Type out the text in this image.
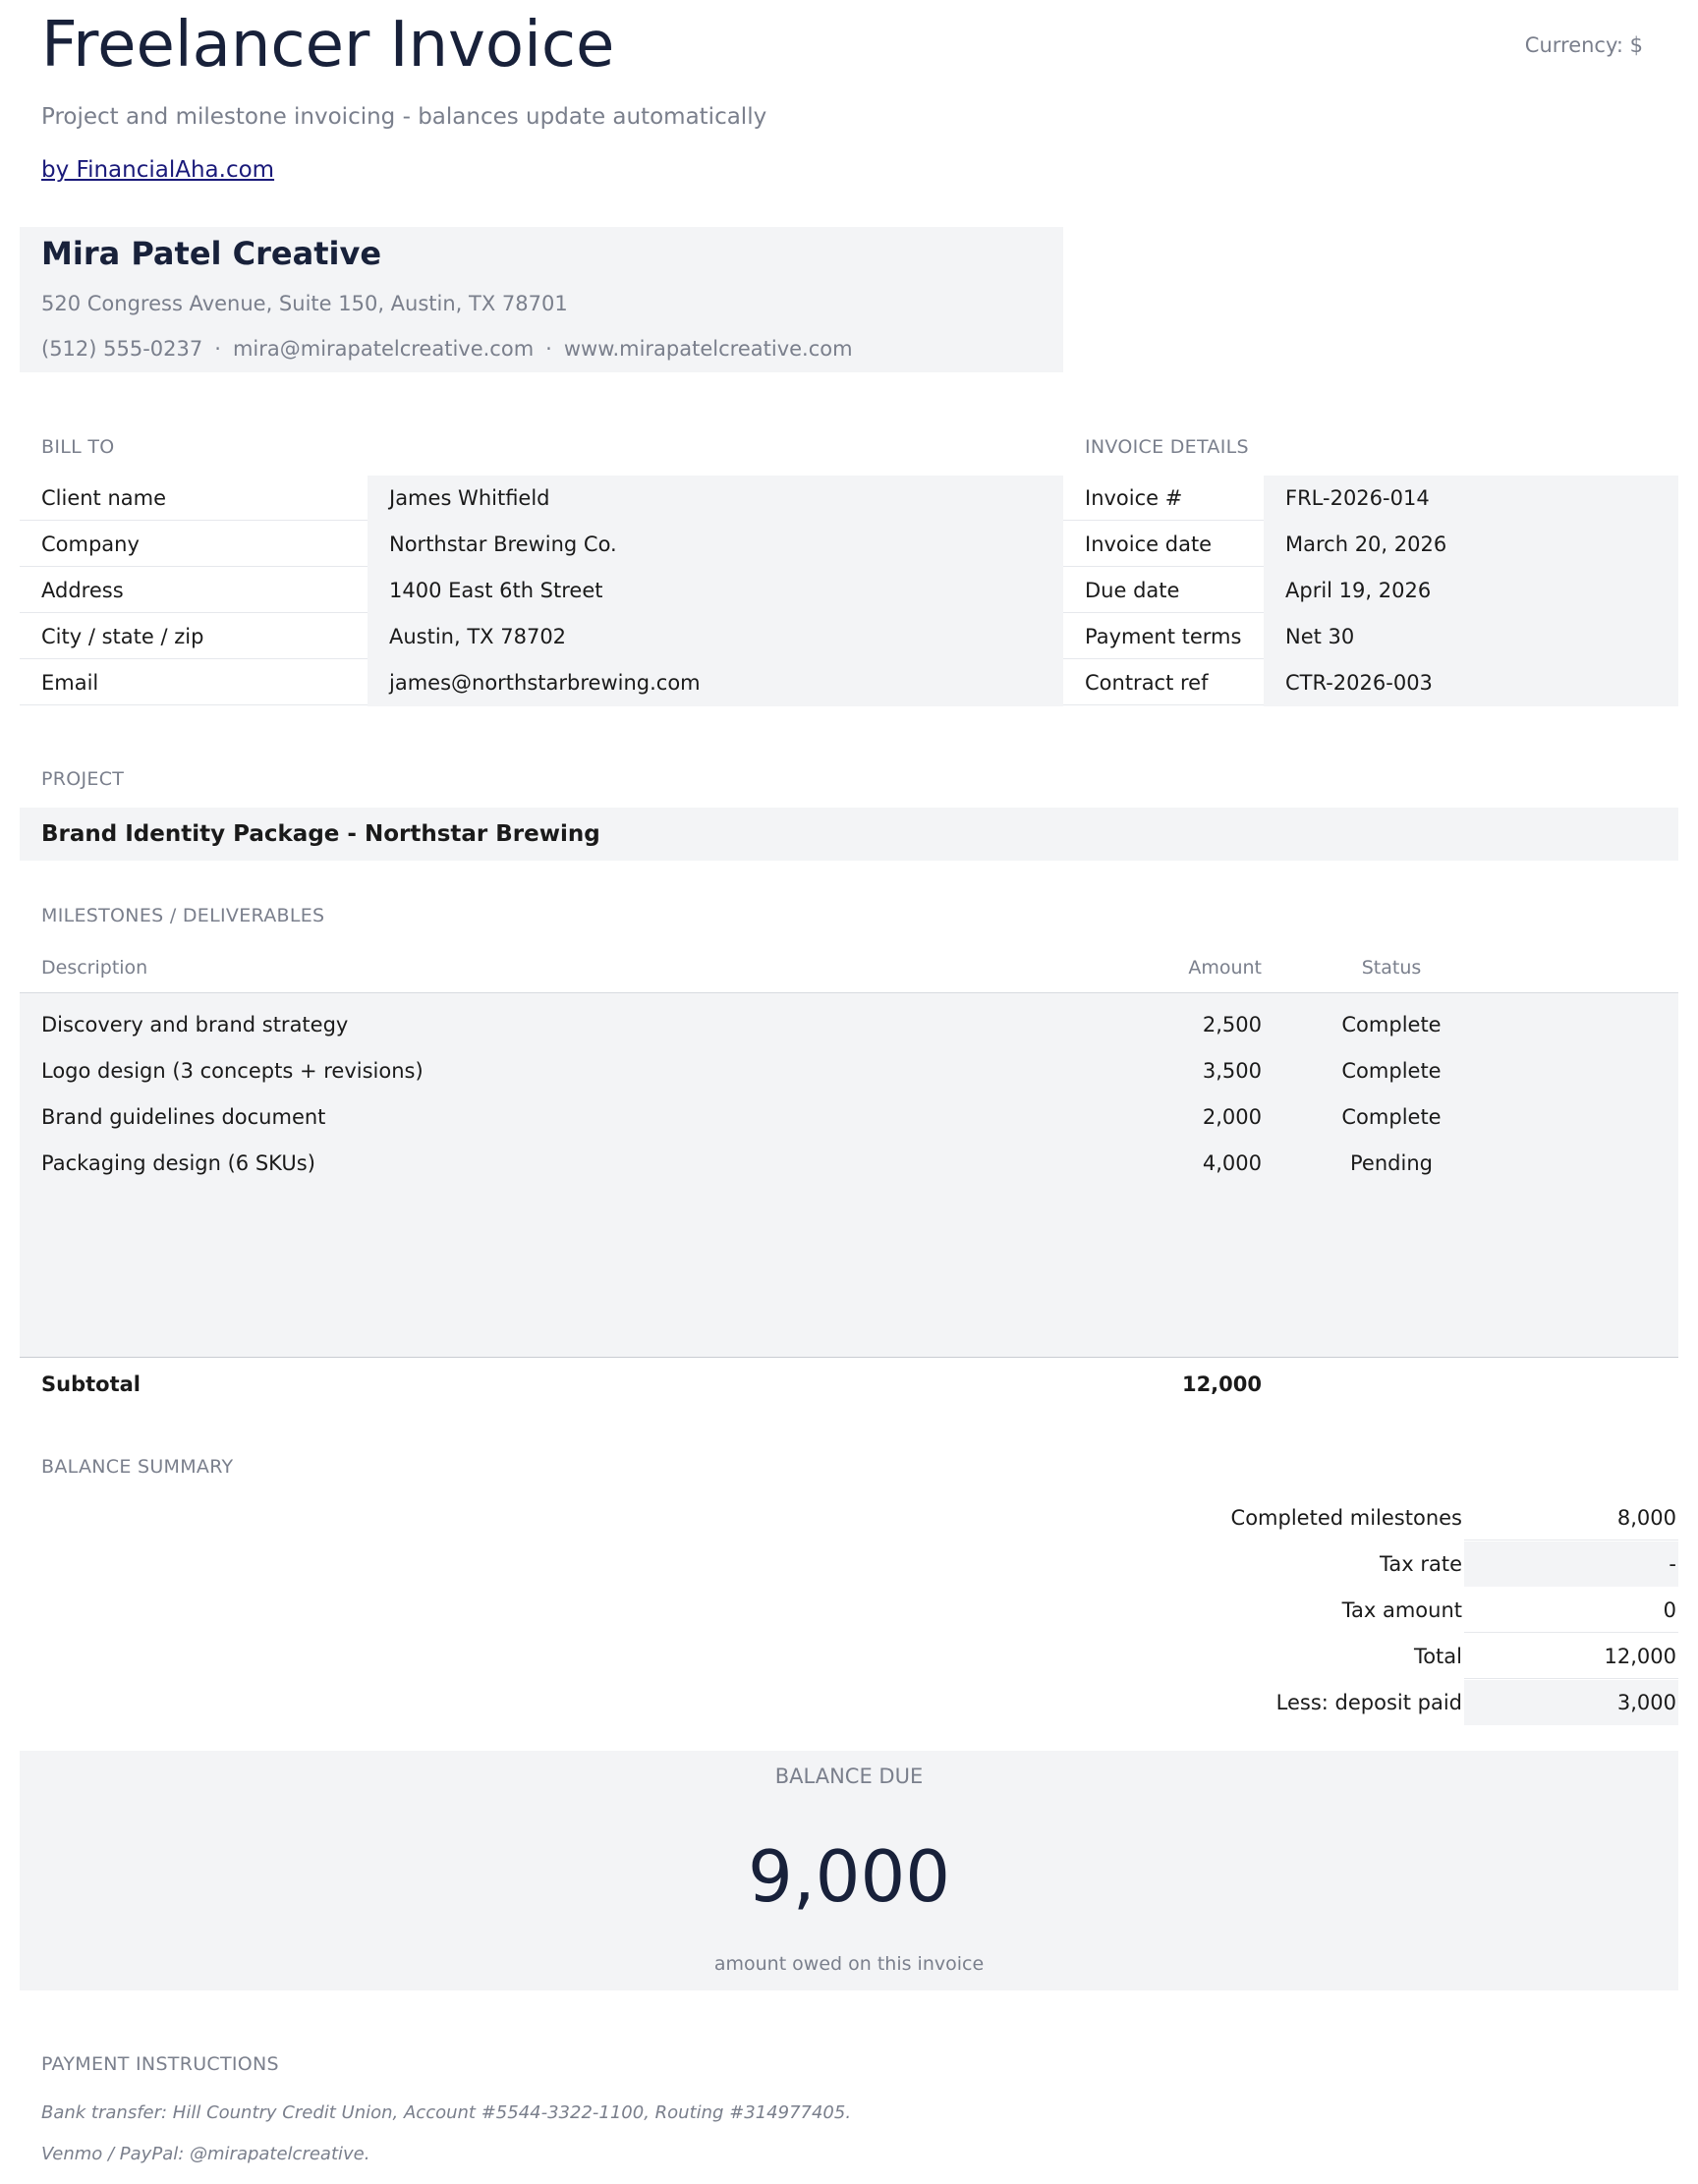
Freelancer Invoice	Currency: $
Project and milestone invoicing - balances update automatically
by FinancialAha.com
Mira Patel Creative
520 Congress Avenue, Suite 150, Austin, TX 78701
(512) 555-0237 · mira@mirapatelcreative.com · www.mirapatelcreative.com
BILL TO
Client name	James Whitfield
Company	Northstar Brewing Co.
Address	1400 East 6th Street
City / state / zip	Austin, TX 78702
Email	james@northstarbrewing.com
INVOICE DETAILS
Invoice #	FRL-2026-014
Invoice date	March 20, 2026
Due date	April 19, 2026
Payment terms	Net 30
Contract ref	CTR-2026-003
PROJECT
Brand Identity Package - Northstar Brewing
MILESTONES / DELIVERABLES
Description	Amount	Status
Discovery and brand strategy	2,500	Complete
Logo design (3 concepts + revisions)	3,500	Complete
Brand guidelines document	2,000	Complete
Packaging design (6 SKUs)	4,000	Pending
Subtotal	12,000
BALANCE SUMMARY
Completed milestones	8,000
Tax rate	-
Tax amount	0
Total	12,000
Less: deposit paid	3,000
BALANCE DUE
9,000
amount owed on this invoice
PAYMENT INSTRUCTIONS
Bank transfer: Hill Country Credit Union, Account #5544-3322-1100, Routing #314977405.
Venmo / PayPal: @mirapatelcreative.
